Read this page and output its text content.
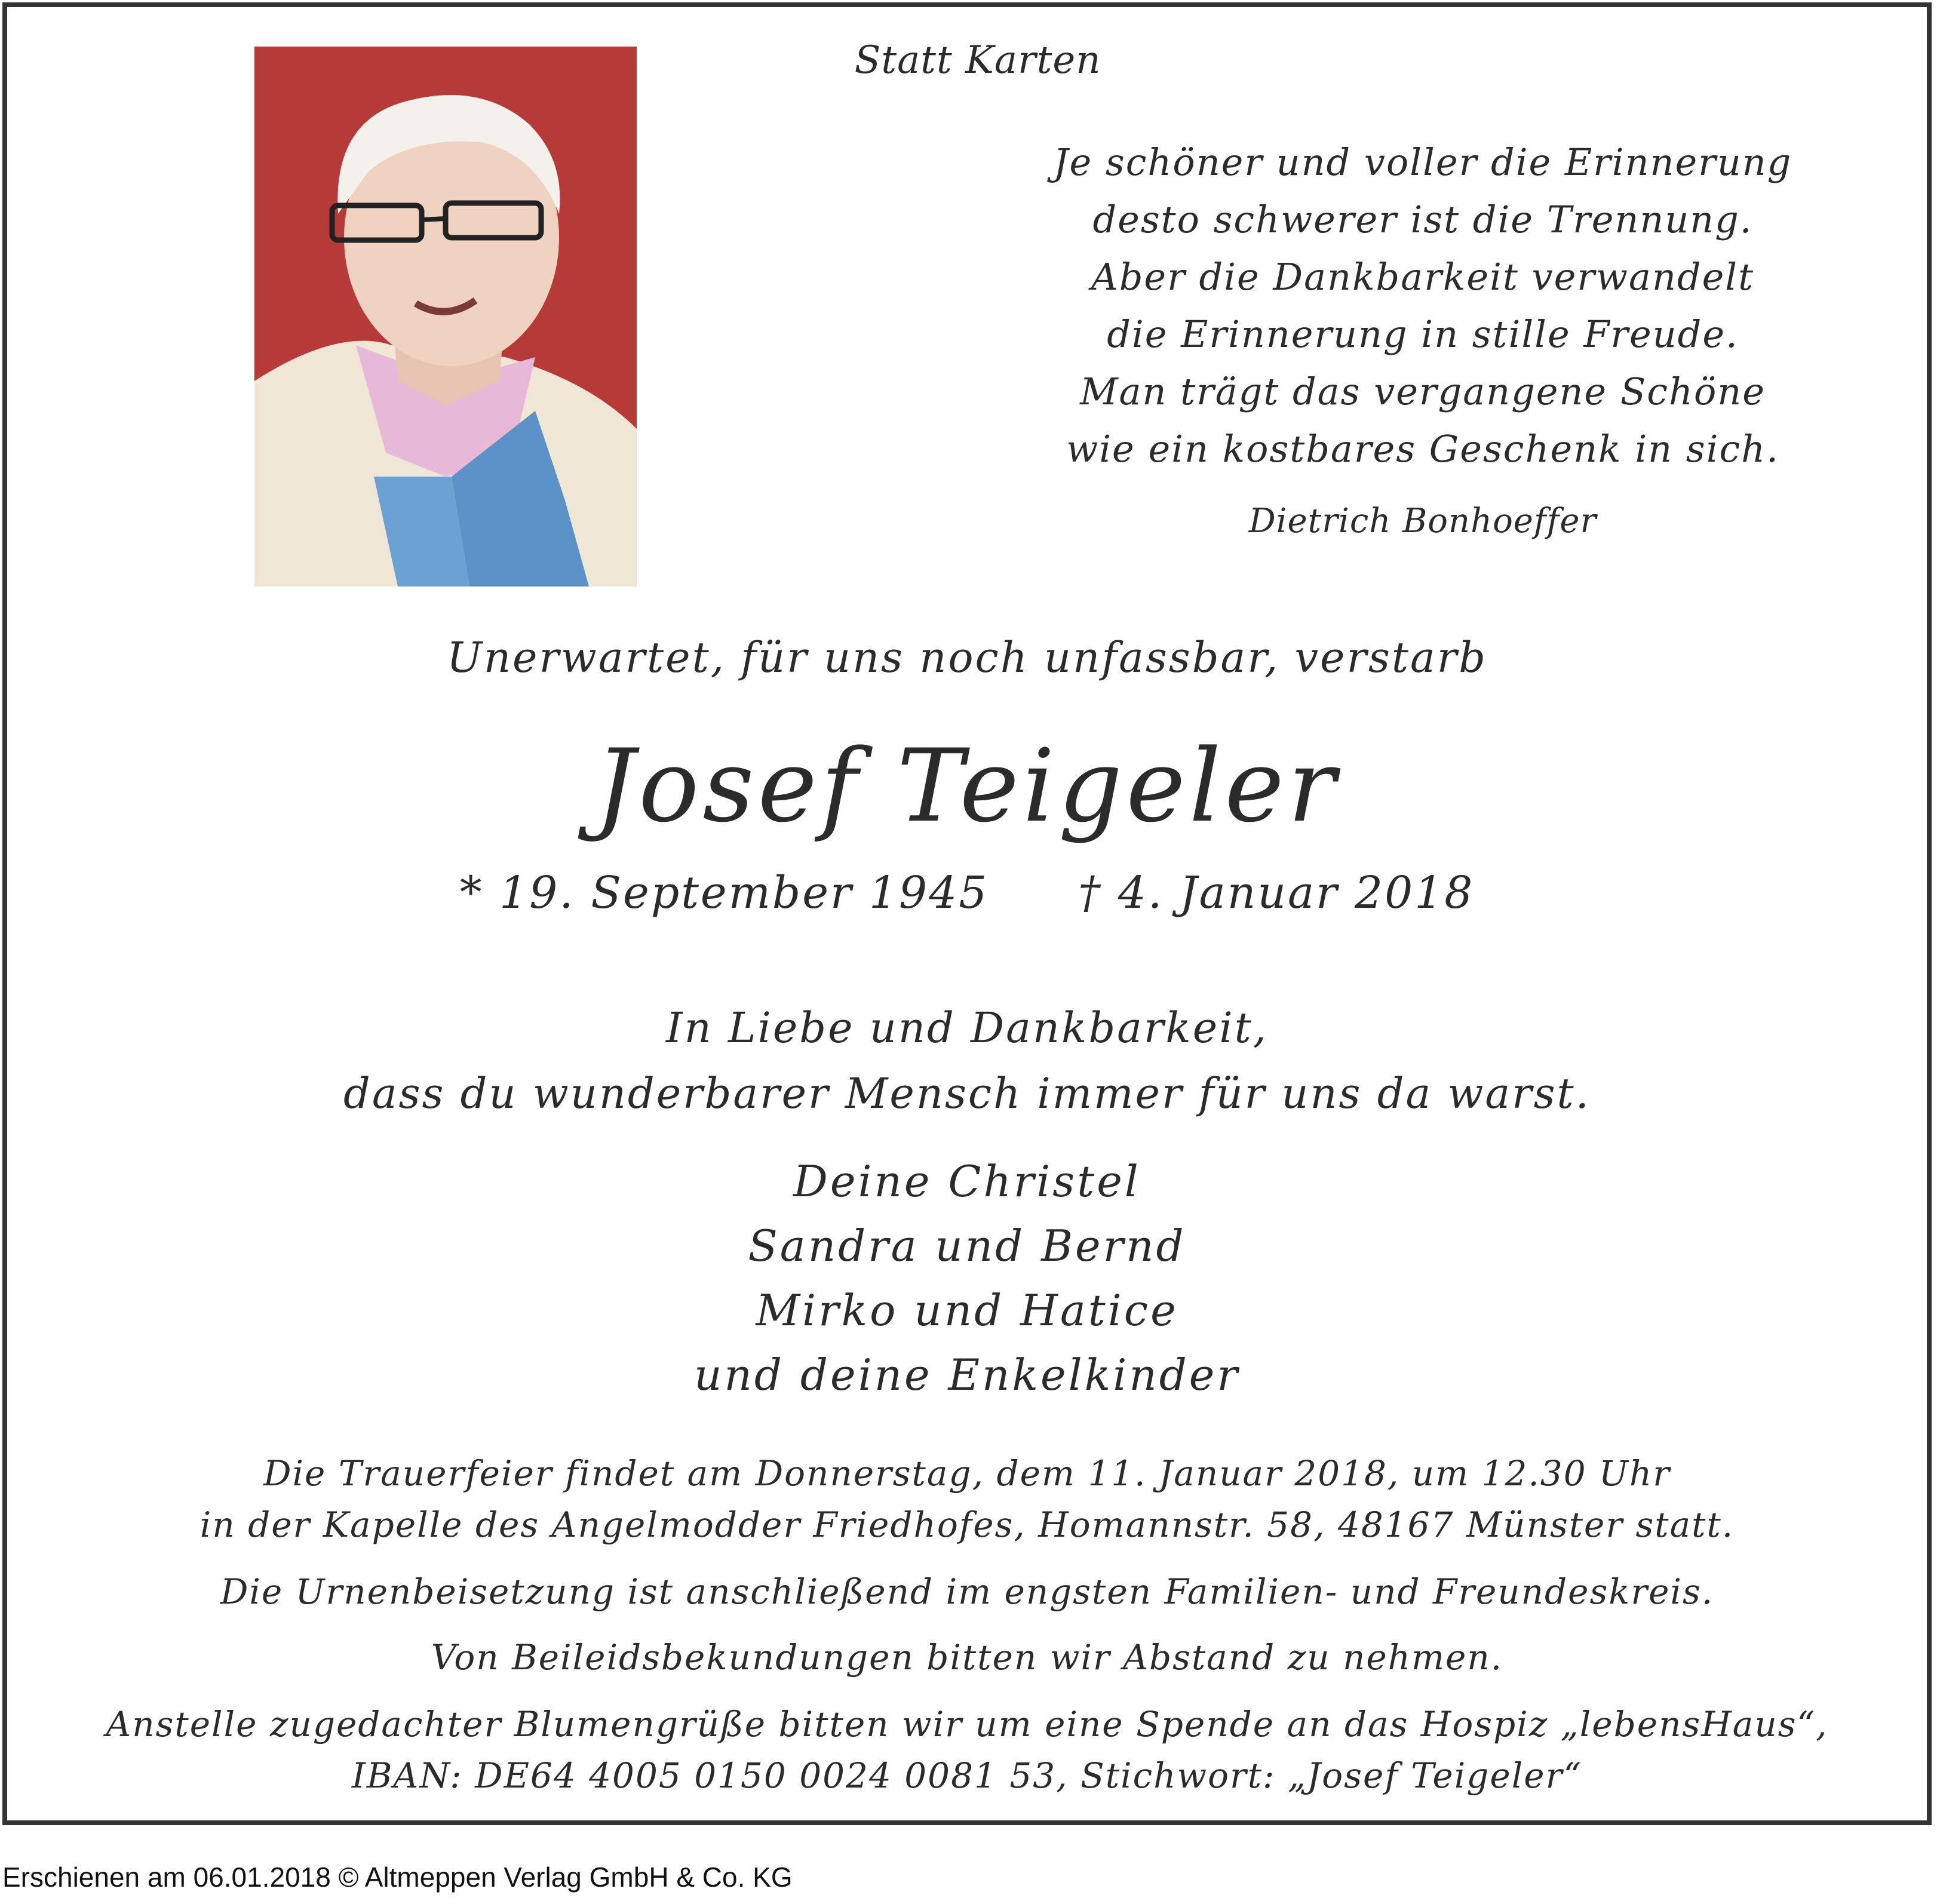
Statt Karten
Je schöner und voller die Erinnerung
desto schwerer ist die Trennung.
Aber die Dankbarkeit verwandelt
die Erinnerung in stille Freude.
Man trägt das vergangene Schöne
wie ein kostbares Geschenk in sich.
Dietrich Bonhoeffer
Unerwartet, für uns noch unfassbar, verstarb
Josef Teigeler
* 19. September 1945 † 4. Januar 2018
In Liebe und Dankbarkeit,
dass du wunderbarer Mensch immer für uns da warst.
Deine Christel
Sandra und Bernd
Mirko und Hatice
und deine Enkelkinder
Die Trauerfeier findet am Donnerstag, dem 11. Januar 2018, um 12.30 Uhr
in der Kapelle des Angelmodder Friedhofes, Homannstr. 58, 48167 Münster statt.
Die Urnenbeisetzung ist anschließend im engsten Familien- und Freundeskreis.
Von Beileidsbekundungen bitten wir Abstand zu nehmen.
Anstelle zugedachter Blumengrüße bitten wir um eine Spende an das Hospiz „lebensHaus“,
IBAN: DE64 4005 0150 0024 0081 53, Stichwort: „Josef Teigeler“
Erschienen am 06.01.2018 © Altmeppen Verlag GmbH & Co. KG
